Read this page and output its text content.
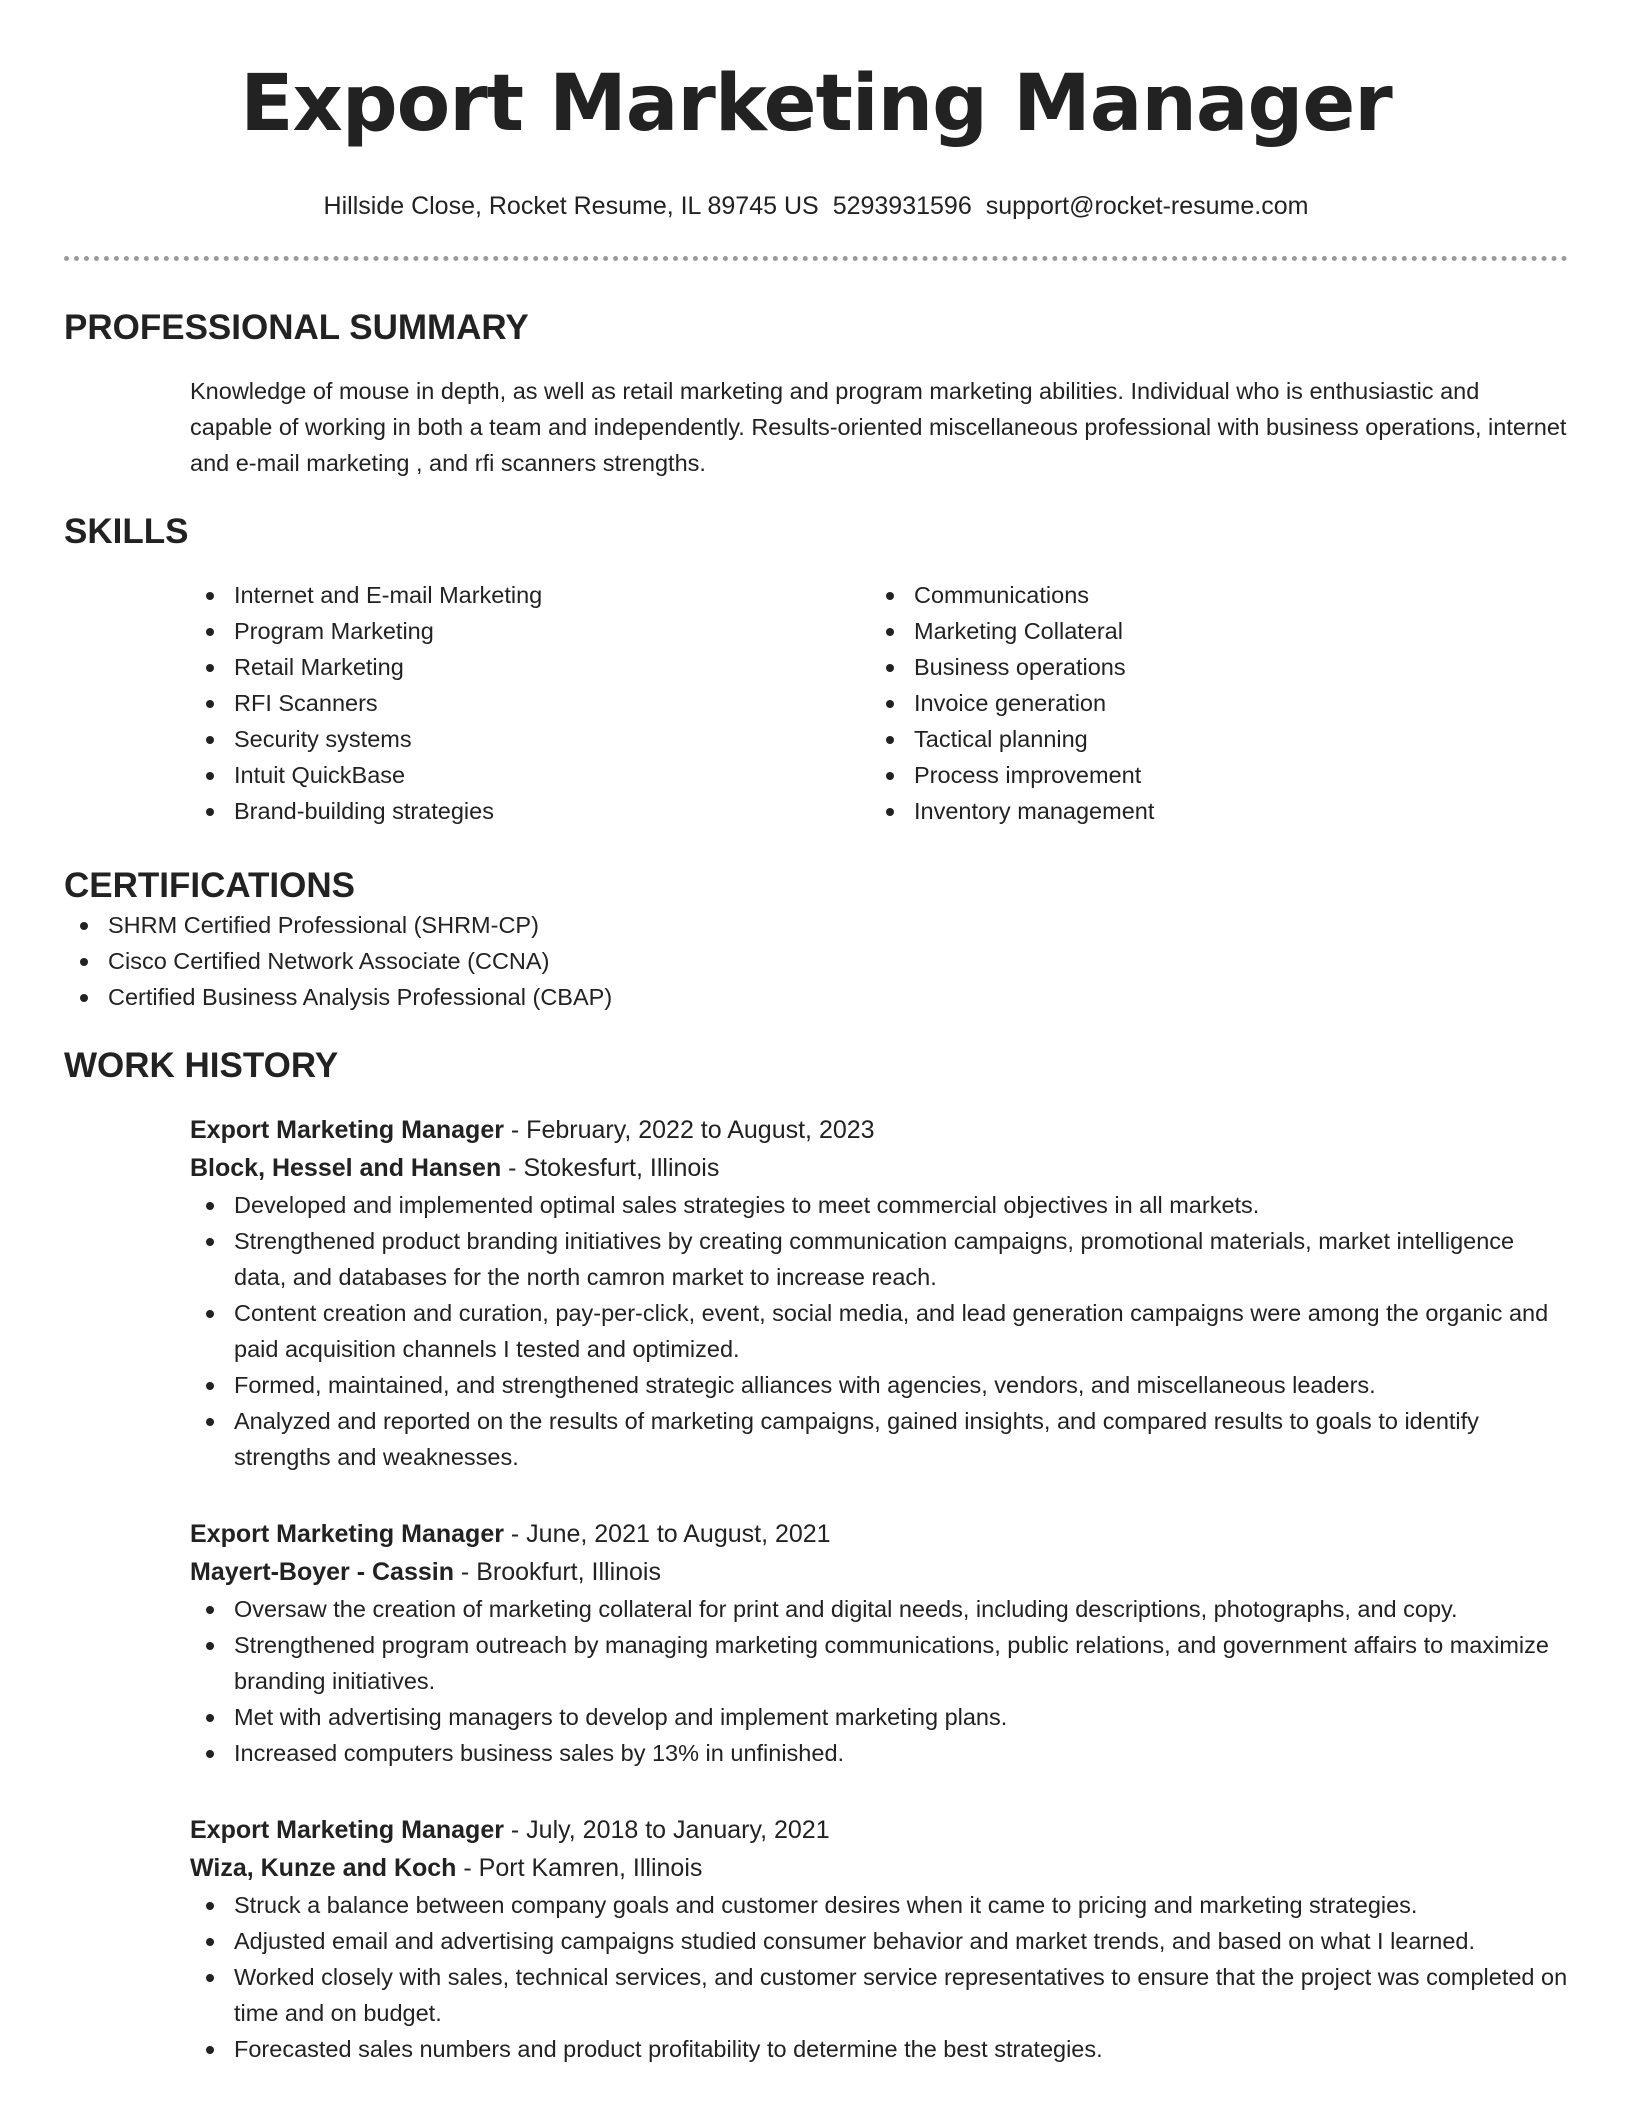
Export Marketing Manager
Hillside Close, Rocket Resume, IL 89745 US 5293931596 support@rocket-resume.com
PROFESSIONAL SUMMARY
Knowledge of mouse in depth, as well as retail marketing and program marketing abilities. Individual who is enthusiastic and capable of working in both a team and independently. Results-oriented miscellaneous professional with business operations, internet and e-mail marketing , and rfi scanners strengths.
SKILLS
Internet and E-mail Marketing
Program Marketing
Retail Marketing
RFI Scanners
Security systems
Intuit QuickBase
Brand-building strategies
Communications
Marketing Collateral
Business operations
Invoice generation
Tactical planning
Process improvement
Inventory management
CERTIFICATIONS
SHRM Certified Professional (SHRM-CP)
Cisco Certified Network Associate (CCNA)
Certified Business Analysis Professional (CBAP)
WORK HISTORY
Export Marketing Manager - February, 2022 to August, 2023
Block, Hessel and Hansen - Stokesfurt, Illinois
Developed and implemented optimal sales strategies to meet commercial objectives in all markets.
Strengthened product branding initiatives by creating communication campaigns, promotional materials, market intelligence data, and databases for the north camron market to increase reach.
Content creation and curation, pay-per-click, event, social media, and lead generation campaigns were among the organic and paid acquisition channels I tested and optimized.
Formed, maintained, and strengthened strategic alliances with agencies, vendors, and miscellaneous leaders.
Analyzed and reported on the results of marketing campaigns, gained insights, and compared results to goals to identify strengths and weaknesses.
Export Marketing Manager - June, 2021 to August, 2021
Mayert-Boyer - Cassin - Brookfurt, Illinois
Oversaw the creation of marketing collateral for print and digital needs, including descriptions, photographs, and copy.
Strengthened program outreach by managing marketing communications, public relations, and government affairs to maximize branding initiatives.
Met with advertising managers to develop and implement marketing plans.
Increased computers business sales by 13% in unfinished.
Export Marketing Manager - July, 2018 to January, 2021
Wiza, Kunze and Koch - Port Kamren, Illinois
Struck a balance between company goals and customer desires when it came to pricing and marketing strategies.
Adjusted email and advertising campaigns studied consumer behavior and market trends, and based on what I learned.
Worked closely with sales, technical services, and customer service representatives to ensure that the project was completed on time and on budget.
Forecasted sales numbers and product profitability to determine the best strategies.
